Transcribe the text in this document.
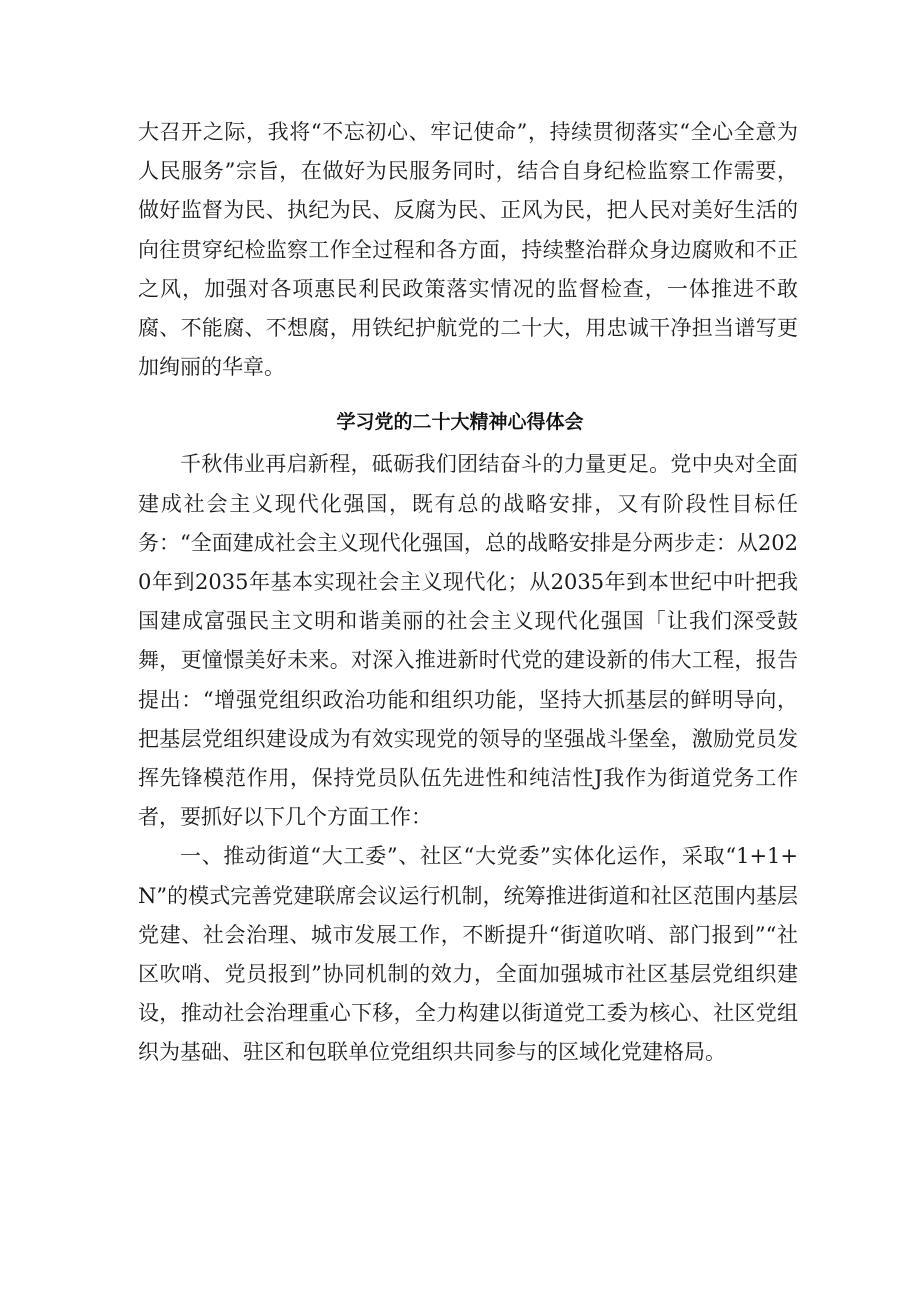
大召开之际，我将“不忘初心、牢记使命”，持续贯彻落实“全心全意为人民服务”宗旨，在做好为民服务同时，结合自身纪检监察工作需要，做好监督为民、执纪为民、反腐为民、正风为民，把人民对美好生活的向往贯穿纪检监察工作全过程和各方面，持续整治群众身边腐败和不正之风，加强对各项惠民利民政策落实情况的监督检查，一体推进不敢腐、不能腐、不想腐，用铁纪护航党的二十大，用忠诚干净担当谱写更加绚丽的华章。

学习党的二十大精神心得体会

千秋伟业再启新程，砥砺我们团结奋斗的力量更足。党中央对全面建成社会主义现代化强国，既有总的战略安排，又有阶段性目标任务：“全面建成社会主义现代化强国，总的战略安排是分两步走：从2020年到2035年基本实现社会主义现代化；从2035年到本世纪中叶把我国建成富强民主文明和谐美丽的社会主义现代化强国「让我们深受鼓舞，更憧憬美好未来。对深入推进新时代党的建设新的伟大工程，报告提出：“增强党组织政治功能和组织功能，坚持大抓基层的鲜明导向，把基层党组织建设成为有效实现党的领导的坚强战斗堡垒，激励党员发挥先锋模范作用，保持党员队伍先进性和纯洁性J我作为街道党务工作者，要抓好以下几个方面工作：

一、推动街道“大工委”、社区“大党委”实体化运作，采取“1+1+N”的模式完善党建联席会议运行机制，统筹推进街道和社区范围内基层党建、社会治理、城市发展工作，不断提升“街道吹哨、部门报到”“社区吹哨、党员报到”协同机制的效力，全面加强城市社区基层党组织建设，推动社会治理重心下移，全力构建以街道党工委为核心、社区党组织为基础、驻区和包联单位党组织共同参与的区域化党建格局。
